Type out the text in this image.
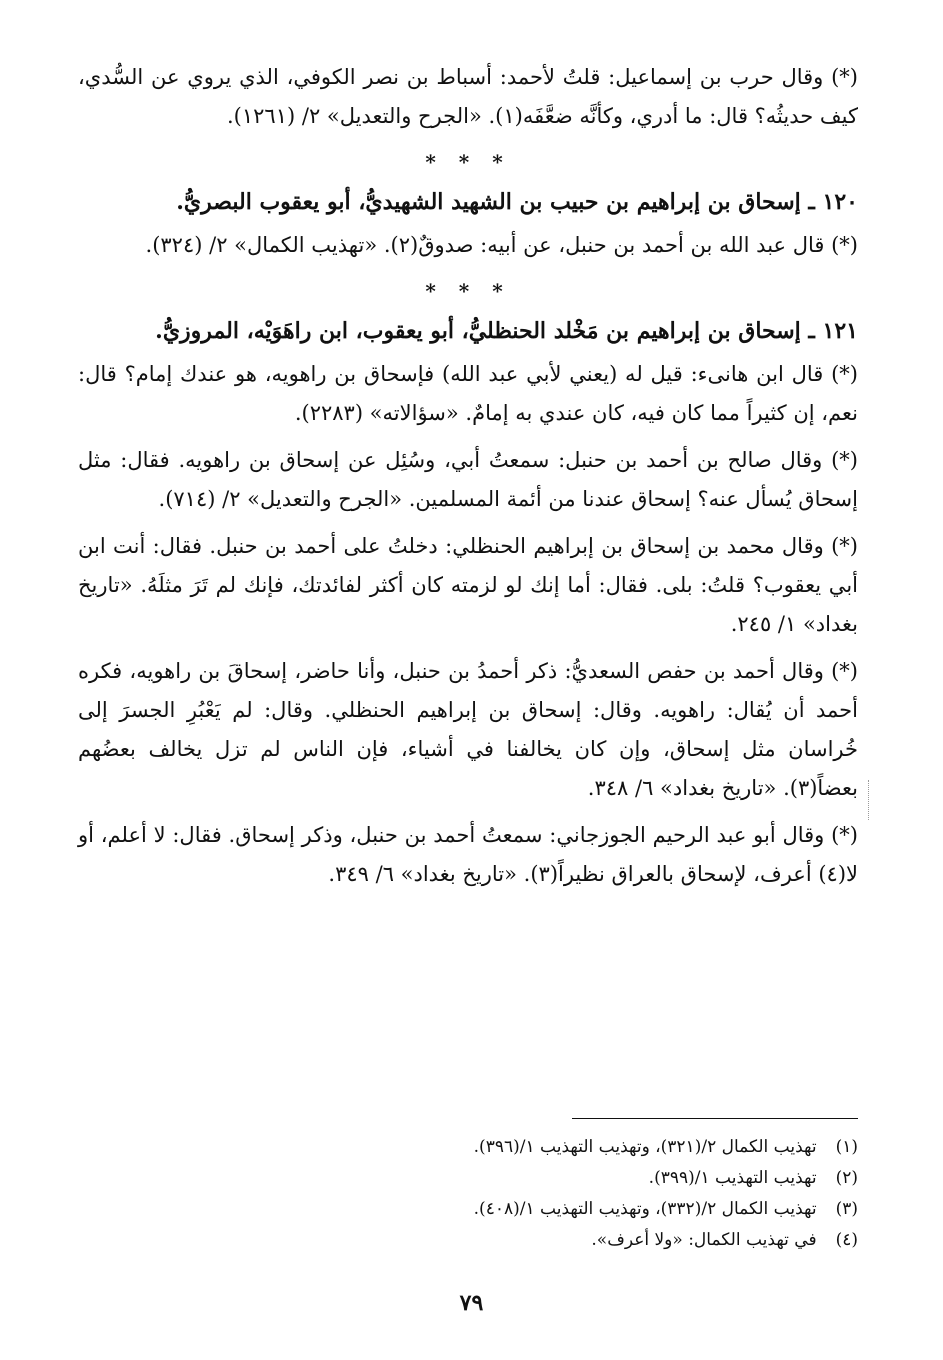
(*) وقال حرب بن إسماعيل: قلتُ لأحمد: أسباط بن نصر الكوفي، الذي يروي عن السُّدي، كيف حديثُه؟ قال: ما أدري، وكأنَّه ضعَّفَه(١). «الجرح والتعديل» ٢/ (١٢٦١).

* * *

١٢٠ ـ إسحاق بن إبراهيم بن حبيب بن الشهيد الشهيديُّ، أبو يعقوب البصريُّ.

(*) قال عبد الله بن أحمد بن حنبل، عن أبيه: صدوقٌ(٢). «تهذيب الكمال» ٢/ (٣٢٤).

* * *

١٢١ ـ إسحاق بن إبراهيم بن مَخْلد الحنظليُّ، أبو يعقوب، ابن راهَوَيْه، المروزيُّ.

(*) قال ابن هانىء: قيل له (يعني لأبي عبد الله) فإسحاق بن راهويه، هو عندك إمام؟ قال: نعم، إن كثيراً مما كان فيه، كان عندي به إمامٌ. «سؤالاته» (٢٢٨٣).

(*) وقال صالح بن أحمد بن حنبل: سمعتُ أبي، وسُئِل عن إسحاق بن راهويه. فقال: مثل إسحاق يُسأل عنه؟ إسحاق عندنا من أئمة المسلمين. «الجرح والتعديل» ٢/ (٧١٤).

(*) وقال محمد بن إسحاق بن إبراهيم الحنظلي: دخلتُ على أحمد بن حنبل. فقال: أنت ابن أبي يعقوب؟ قلتُ: بلى. فقال: أما إنك لو لزمته كان أكثر لفائدتك، فإنك لم تَرَ مثلَهُ. «تاريخ بغداد» ١/ ٢٤٥.

(*) وقال أحمد بن حفص السعديُّ: ذكر أحمدُ بن حنبل، وأنا حاضر، إسحاقَ بن راهويه، فكره أحمد أن يُقال: راهويه. وقال: إسحاق بن إبراهيم الحنظلي. وقال: لم يَعْبُرِ الجسرَ إلى خُراسان مثل إسحاق، وإن كان يخالفنا في أشياء، فإن الناس لم تزل يخالف بعضُهم بعضاً(٣). «تاريخ بغداد» ٦/ ٣٤٨.

(*) وقال أبو عبد الرحيم الجوزجاني: سمعتُ أحمد بن حنبل، وذكر إسحاق. فقال: لا أعلم، أو لا(٤) أعرف، لإسحاق بالعراق نظيراً(٣). «تاريخ بغداد» ٦/ ٣٤٩.

(١) تهذيب الكمال ٢/(٣٢١)، وتهذيب التهذيب ١/(٣٩٦).

(٢) تهذيب التهذيب ١/(٣٩٩).

(٣) تهذيب الكمال ٢/(٣٣٢)، وتهذيب التهذيب ١/(٤٠٨).

(٤) في تهذيب الكمال: «ولا أعرف».

٧٩
